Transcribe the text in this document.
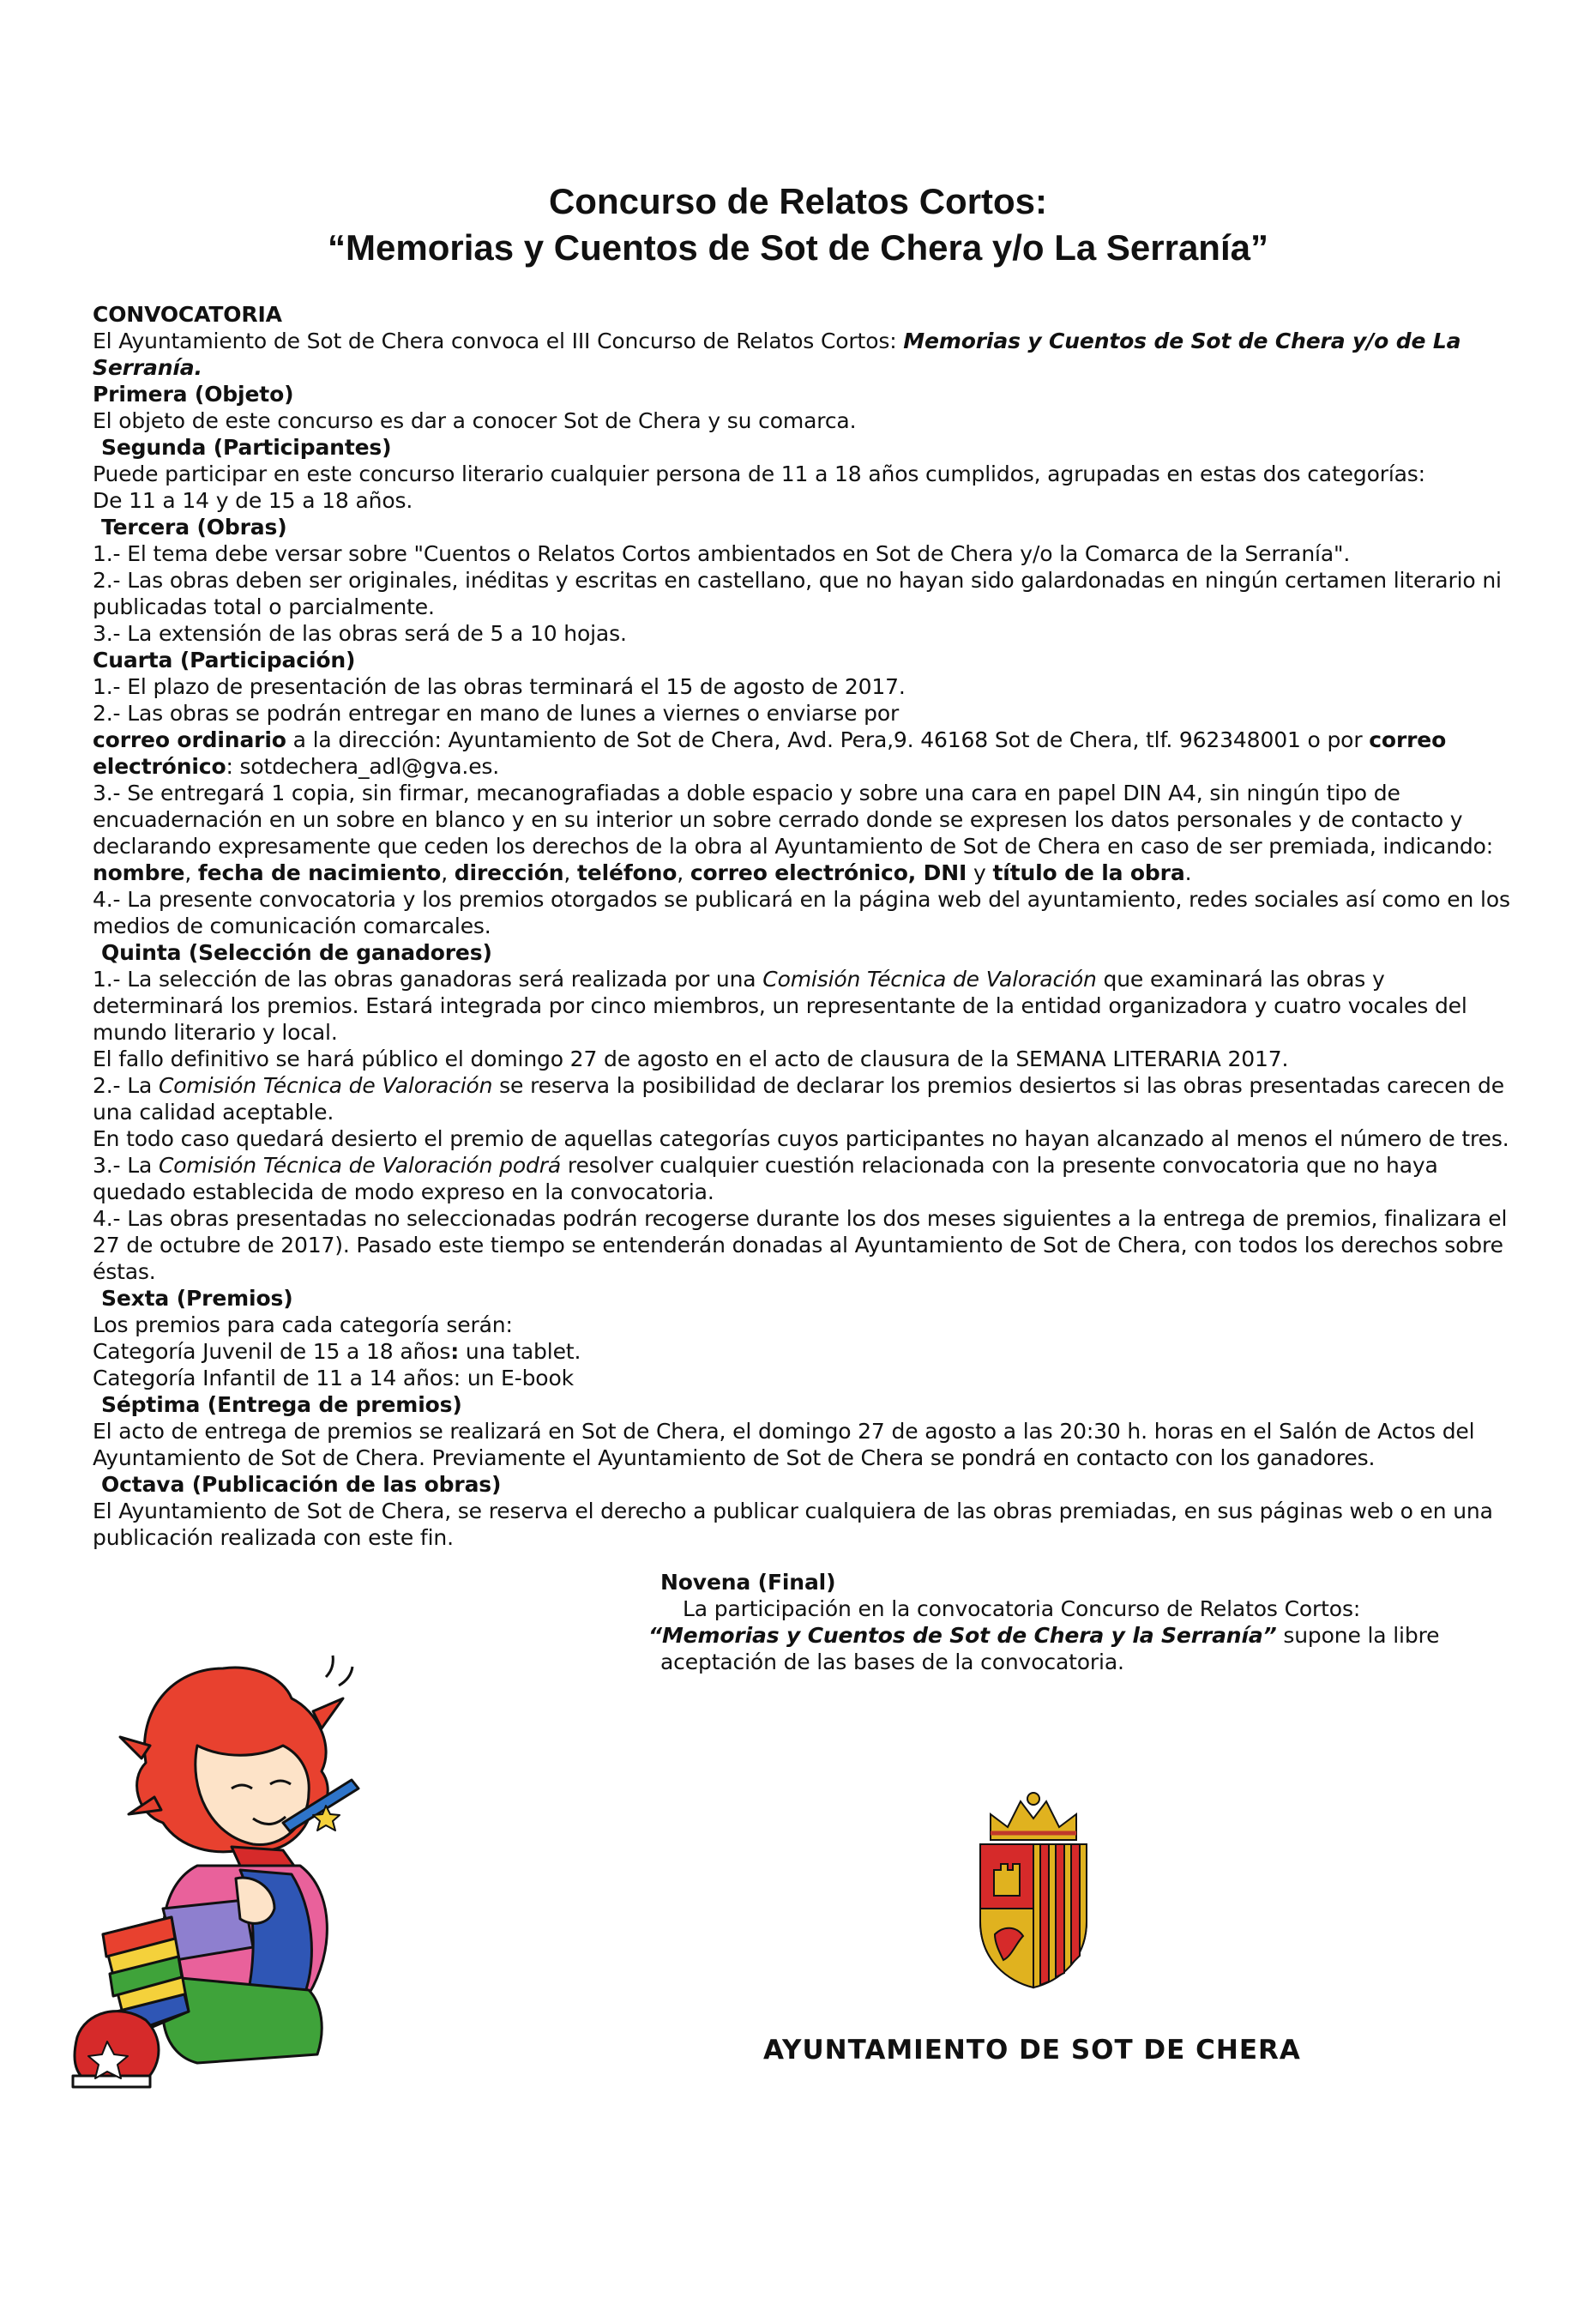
Concurso de Relatos Cortos:
“Memorias y Cuentos de Sot de Chera y/o La Serranía”

CONVOCATORIA

El Ayuntamiento de Sot de Chera convoca el III Concurso de Relatos Cortos: Memorias y Cuentos de Sot de Chera y/o de La Serranía.

Primera (Objeto)

El objeto de este concurso es dar a conocer Sot de Chera y su comarca.

Segunda (Participantes)

Puede participar en este concurso literario cualquier persona de 11 a 18 años cumplidos, agrupadas en estas dos categorías:

De 11 a 14 y de 15 a 18 años.

Tercera (Obras)

1.- El tema debe versar sobre "Cuentos o Relatos Cortos ambientados en Sot de Chera y/o la Comarca de la Serranía".

2.- Las obras deben ser originales, inéditas y escritas en castellano, que no hayan sido galardonadas en ningún certamen literario ni publicadas total o parcialmente.

3.- La extensión de las obras será de 5 a 10 hojas.

Cuarta (Participación)

1.- El plazo de presentación de las obras terminará el 15 de agosto de 2017.

2.- Las obras se podrán entregar en mano de lunes a viernes o enviarse por

correo ordinario a la dirección: Ayuntamiento de Sot de Chera, Avd. Pera,9. 46168 Sot de Chera, tlf. 962348001 o por correo electrónico: sotdechera_adl@gva.es.

3.- Se entregará 1 copia, sin firmar, mecanografiadas a doble espacio y sobre una cara en papel DIN A4, sin ningún tipo de encuadernación en un sobre en blanco y en su interior un sobre cerrado donde se expresen los datos personales y de contacto y declarando expresamente que ceden los derechos de la obra al Ayuntamiento de Sot de Chera en caso de ser premiada, indicando: nombre, fecha de nacimiento, dirección, teléfono, correo electrónico, DNI y título de la obra.

4.- La presente convocatoria y los premios otorgados se publicará en la página web del ayuntamiento, redes sociales así como en los medios de comunicación comarcales.

Quinta (Selección de ganadores)

1.- La selección de las obras ganadoras será realizada por una Comisión Técnica de Valoración que examinará las obras y determinará los premios. Estará integrada por cinco miembros, un representante de la entidad organizadora y cuatro vocales del mundo literario y local.

El fallo definitivo se hará público el domingo 27 de agosto en el acto de clausura de la SEMANA LITERARIA 2017.

2.- La Comisión Técnica de Valoración se reserva la posibilidad de declarar los premios desiertos si las obras presentadas carecen de una calidad aceptable.

En todo caso quedará desierto el premio de aquellas categorías cuyos participantes no hayan alcanzado al menos el número de tres.

3.- La Comisión Técnica de Valoración podrá resolver cualquier cuestión relacionada con la presente convocatoria que no haya quedado establecida de modo expreso en la convocatoria.

4.- Las obras presentadas no seleccionadas podrán recogerse durante los dos meses siguientes a la entrega de premios, finalizara el 27 de octubre de 2017). Pasado este tiempo se entenderán donadas al Ayuntamiento de Sot de Chera, con todos los derechos sobre éstas.

Sexta (Premios)

Los premios para cada categoría serán:

Categoría Juvenil de 15 a 18 años: una tablet.

Categoría Infantil de 11 a 14 años: un E-book

Séptima (Entrega de premios)

El acto de entrega de premios se realizará en Sot de Chera, el domingo 27 de agosto a las 20:30 h. horas en el Salón de Actos del Ayuntamiento de Sot de Chera. Previamente el Ayuntamiento de Sot de Chera se pondrá en contacto con los ganadores.

Octava (Publicación de las obras)

El Ayuntamiento de Sot de Chera, se reserva el derecho a publicar cualquiera de las obras premiadas, en sus páginas web o en una publicación realizada con este fin.

Novena (Final)

La participación en la convocatoria Concurso de Relatos Cortos:

“Memorias y Cuentos de Sot de Chera y la Serranía” supone la libre

aceptación de las bases de la convocatoria.

AYUNTAMIENTO DE SOT DE CHERA
